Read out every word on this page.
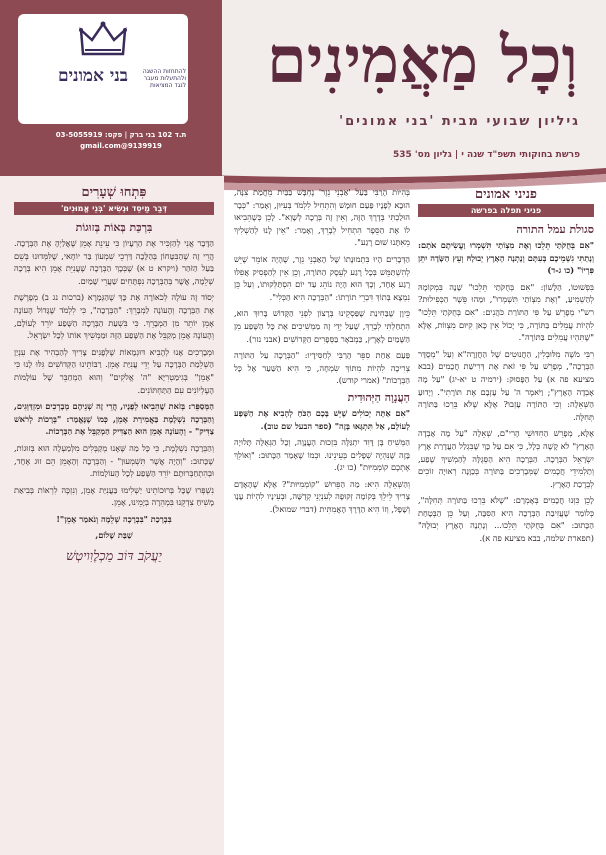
בני אמונים	להתחזות ההשגה ולהתעלות מעבר לנגד המציאות
ת.ד 102 בני ברק | פקס: 03-5055919
9139919@gmail.com
וְכָל מַאֲמִינִים
גיליון שבועי מבית 'בני אמונים'
פרשת בחוקותי תשפ"ד שנה י | גליון מס' 535
פניני אמונים
פניני תפלה בפרשה
סגולת עמל התורה

"אִם בְּחֻקֹּתַי תֵּלֵכוּ וְאֶת מִצְוֹתַי תִּשְׁמְרוּ וַעֲשִׂיתֶם אֹתָם: וְנָתַתִּי גִשְׁמֵיכֶם בְּעִתָּם וְנָתְנָה הָאָרֶץ יְבוּלָהּ וְעֵץ הַשָּׂדֶה יִתֵּן פִּרְיוֹ" (כו ג-ד)

בִּפְשׁוּטוֹ, הַלָּשׁוֹן: "אִם בְּחֻקֹּתַי תֵּלֵכוּ" שָׁנָה בִּמְקוֹמָהּ לְהַשְׁמִיעַ, "וְאֶת מִצְוֹתַי תִּשְׁמְרוּ", וּמַהוּ פֵּשֶׁר הַכְּפִילוּת? רש"י מְפָרֵשׁ עַל פִּי הַתּוֹרַת כֹּהֲנִים: "אִם בְּחֻקֹּתַי תֵּלֵכוּ" לִהְיוֹת עֲמֵלִים בַּתּוֹרָה, כִּי יָכוֹל אֵין כָּאן קִיּוּם מִצְווֹת, אֶלָּא "שֶׁתִּהְיוּ עֲמֵלִים בַּתּוֹרָה".

רִבִּי מֹשֶׁה מִלּוּבְלִין, הַחֲנוּטִים שֶׁל הַחֲזָרָה"א וְעַל "מְסֻדָּר הַבְּרָכָה", מְפָרֵשׁ עַל פִּי זֹאת אֶת דְּרִישַׁת חֲכָמִים (בבא מציעא פה א) עַל הַפָּסוּק: (ירמיה ט יא-יג) "עַל מָה אָבְדָה הָאָרֶץ"; וַיֹּאמֶר ה' עַל עָזְבָם אֶת תּוֹרָתִי". וְיָדוּעַ הַשְּׁאֵלָה: וְכִי הַתּוֹרָה עָזְבוּ? אֶלָּא שֶׁלֹּא בֵּרְכוּ בַּתּוֹרָה תְּחִלָּה.

אֶלָּא, מְפָרֵשׁ הַחִדּוּשֵׁי הָרִי"ם, שְׁאֵלָה "עַל מָה אָבְדָה הָאָרֶץ" לֹא קָשָׁה כְּלָל, כִּי אִם עַל כָּךְ שֶׁבִּגְלַל הַעֲדָרַת אֶרֶץ יִשְׂרָאֵל הַבְּרָכָה. הַבְּרָכָה הִיא הַסְּגֻלָּה לְהַמְשִׁיךְ שֶׁפַע, וְתַלְמִידֵי חֲכָמִים שֶׁמְּבָרְכִים בַּתּוֹרָה בְּכַוָּנָה רְאוּיָה זוֹכִים לְבְרָכַת הָאָרֶץ.

לָכֵן כִּוְּנוּ חֲכָמִים בְּאָמְרָם: "שֶׁלֹּא בֵּרְכוּ בַּתּוֹרָה תְּחִלָּה", כְּלוֹמַר שֶׁעֲזִיבַת הַבְּרָכָה הִיא הַסִּבָּה, וְעַל כֵּן הַבְּטָחַת הַכָּתוּב: "אִם בְּחֻקֹּתַי תֵּלֵכוּ... וְנָתְנָה הָאָרֶץ יְבוּלָהּ" (תפארת שלמה, בבא מציעא פה א).

בְּהִיּוֹת הָרַבִּי בַּעַל 'אַבְנֵי נֵזֶר' נֶחְבָּשׁ בַּבַּיִת מֵחֲמַת צִנָּה, הוּבָא לְפָנָיו פַּעַם חוּמָשׁ וְהִתְחִיל לִלְמֹד בְּעִיּוּן, וְאָמַר: "כְּבָר הוּלַכְתִּי בְּדֶרֶךְ הַזֶּה, וְאֵין זֶה בְּרָכָה לְשָׁוְא". לָכֵן כְּשֶׁהֵבִיאוּ לוֹ אֶת הַסֵּפֶר הִתְחִיל לְבָרֵךְ, וְאָמַר: "אֵין לָנוּ לְהַשְׁלִיךְ מֵאִתָּנוּ שׁוּם רֶגַע".

הַדְּבָרִים הָיוּ בִּתְמוּנָתוֹ שֶׁל הָאַבְנֵי נֵזֶר, שֶׁהָיָה אוֹמֵר שֶׁיֵּשׁ לְהִשְׁתַּמֵּשׁ בְּכָל רֶגַע לְעֵסֶק הַתּוֹרָה, וְכֵן אֵין לְהַפְסִיק אֲפִלּוּ רֶגַע אֶחָד, וְכָךְ הוּא הָיָה נוֹהֵג עַד יוֹם הִסְתַּלְּקוּתוֹ, וְעַל כֵּן נִמְצָא בְּתוֹךְ דִּבְרֵי תוֹרָתוֹ: "הַבְּרָכָה הִיא הַכְּלִי".

כֵּיוָן שֶׁבַּחִינַת שֶׁפַּסְקֵינוּ בְּרָצוֹן לִפְנֵי הַקָּדוֹשׁ בָּרוּךְ הוּא, הִתְחַלְתִּי לְבָרֵךְ, שֶׁעַל יְדֵי זֶה מַמְשִׁיכִים אֶת כָּל הַשֶּׁפַע מִן הַשָּׁמַיִם לָאָרֶץ, כַּמְבֹאָר בַּסְּפָרִים הַקְּדוֹשִׁים (אבני נזר).

פַּעַם אַחַת סִפֵּר הָרַבִּי לְחַסִּידָיו: "הַבְּרָכָה עַל הַתּוֹרָה צְרִיכָה לִהְיוֹת מִתּוֹךְ שִׂמְחָה, כִּי הִיא הַשַּׁעַר אֶל כָּל הַבְּרָכוֹת" (אמרי קודש).

הַעֲנָוָה הַיְּהוּדִית

"אִם אַתָּה יְכוֹלִים שֶׁיֵּשׁ בָּכֶם הַכֹּחַ לְהָבִיא אֶת הַשֶּׁפַע לָעוֹלָם, אַל תִּתְגָּאוּ בָּזֶה" (ספר הבעל שם טוב).

הַמְּשִׁיחַ בֶּן דָּוִד יִתְגַּלֶּה בִּזְכוּת הָעֲנָוָה, וְכָל הַגְּאֻלָּה תָּלוּיָה בָּזֶה שֶׁנִּהְיֶה שְׁפָלִים בְּעֵינֵינוּ. וּכְמוֹ שֶׁאָמַר הַכָּתוּב: "וְאוֹלֵךְ אֶתְכֶם קוֹמְמִיּוּת" (כו יג).

וְהַשְּׁאֵלָה הִיא: מַה הַפֵּרוּשׁ "קוֹמְמִיּוּת"? אֶלָּא שֶׁהָאָדָם צָרִיךְ לֵילֵךְ בְּקוֹמָה זְקוּפָה לְעִנְיְנֵי קְדֻשָּׁה, וּבְעֵינָיו לִהְיוֹת עָנָו וְשָׁפָל, וְזוֹ הִיא הַדֶּרֶךְ הָאֲמִתִּית (דברי שמואל).

פִּתְחוּ שְׁעָרִים
דְּבַר מַיסֵד וּנְשִׂיא 'בְּנֵי אֱמוּנִים'
בִּרְכַּת בְּאוֹת בְּזוּגוֹת

הַדָּבָר אֲנִי לְהַזְכִּיר אֶת הַרְעָיוֹן כִּי עֵינֵת אָמֵן שֶׁאֲלַיְהָ אֶת הַבְּרָכָה. הֲרֵי זֶה שֶׁהַבִּטָּחוֹן בְּהַלָּכָה דַּרְכֵי שִׁמְעוֹן בַּר יוֹחָאי, שֶׁלִּמְּדוּנוּ בְּשֵׁם בַּעַל הַזֹּהַר (ויקרא ט א) שֶׁבְּכָךְ הַבְּרָכָה שֶׁעֲנִיֵּת אָמֵן הִיא בְּרָכָה שְׁלֵמָה, אֲשֶׁר בְּהַבְּרָכָה נִפְתָּחִים שַׁעֲרֵי שָׁמַיִם.

יְסוֹד זֶה עוֹלֶה לְכֹאוֹרָה אֶת כָּךְ שֶׁהַגְּמָרָא (ברכות נג ב) מְפָרֶשֶׁת אֶת הַבְּרָכָה וְהָעוֹנֶה לַמְבָרֵךְ: "הַבְּרָכָה", כִּי לִלְמֹד שֶׁגָּדוֹל הָעוֹנֶה אָמֵן יוֹתֵר מִן הַמְבָרֵךְ. כִּי בִּשְׁעַת הַבְּרָכָה הַשֶּׁפַע יוֹרֵד לָעוֹלָם, וְהָעוֹנֶה אָמֵן מְקַבֵּל אֶת הַשֶּׁפַע הַזֶּה וּמַמְשִׁיךְ אוֹתוֹ לְכָל יִשְׂרָאֵל.

וּמְבָרְכִים אָנוּ לְהָבִיא דּוּגְמָאוֹת שֶׁלְּפָנִים צָרִיךְ לְהַבְהִיר אֶת עִנְיַן הַשְׁלֵמַת הַבְּרָכָה עַל יְדֵי עֲנִיַּת אָמֵן. רַבּוֹתֵינוּ הַקְּדוֹשִׁים גִּלּוּ לָנוּ כִּי "אָמֵן" בְּגִימַטְרִיָּא "ה' אֱלֹקִים" וְהוּא הַמְחַבֵּר שֶׁל עוֹלָמוֹת הָעֶלְיוֹנִים עִם הַתַּחְתּוֹנִים.

הַמְּסַפֵּר: בְּזֹאת שֶׁהֵבִיאוּ לְפָנָיו, הֲרֵי זֶה שְׁנֵיהֶם מְבָרְכִים וּמִזְדַּוְּגִים, וְהַבְּרָכָה נִשְׁלֶמֶת בַּאֲמִירַת אָמֵן, כְּמוֹ שֶׁנֶּאֱמַר: "בְּרָכוֹת לְרֹאשׁ צַדִּיק" - וְהָעוֹנֶה אָמֵן הוּא הַצַּדִּיק הַמְקַבֵּל אֶת הַבְּרָכוֹת.

וְהַבְּרָכָה נִשְׁלֶמֶת, כִּי כָּל מַה שֶּׁאָנוּ מְקַבְּלִים מִלְּמַעְלָה הוּא בְּזוּגוֹת, שֶׁכָּתוּב: "וְהָיָה אֲשֶׁר תִּשְׁמְעוּן" - וְהַבְּרָכָה וְהָאָמֵן הֵם זוּג אֶחָד, וּבְהִתְחַבְּרוּתָם יוֹרֵד הַשֶּׁפַע לְכָל הָעוֹלָמוֹת.

נִשְׁפְּרוּ שֶׁכָּל בְּרוּכוֹתֵינוּ יַשְׁלִימוּ בַּעֲנִיַּת אָמֵן, וְנִזְכֶּה לִרְאוֹת בְּבִיאַת מָשִׁיחַ צִדְקֵנוּ בִּמְהֵרָה בְיָמֵינוּ, אָמֵן.

בִּבְרָכַת "בִּבְרָכָה שְׁלֵמָה וְנֹאמַר אָמֵן"!

שַׁבַּת שָׁלוֹם,

יַעֲקֹב דּוֹב מַכְלֶוִויטְשׁ
